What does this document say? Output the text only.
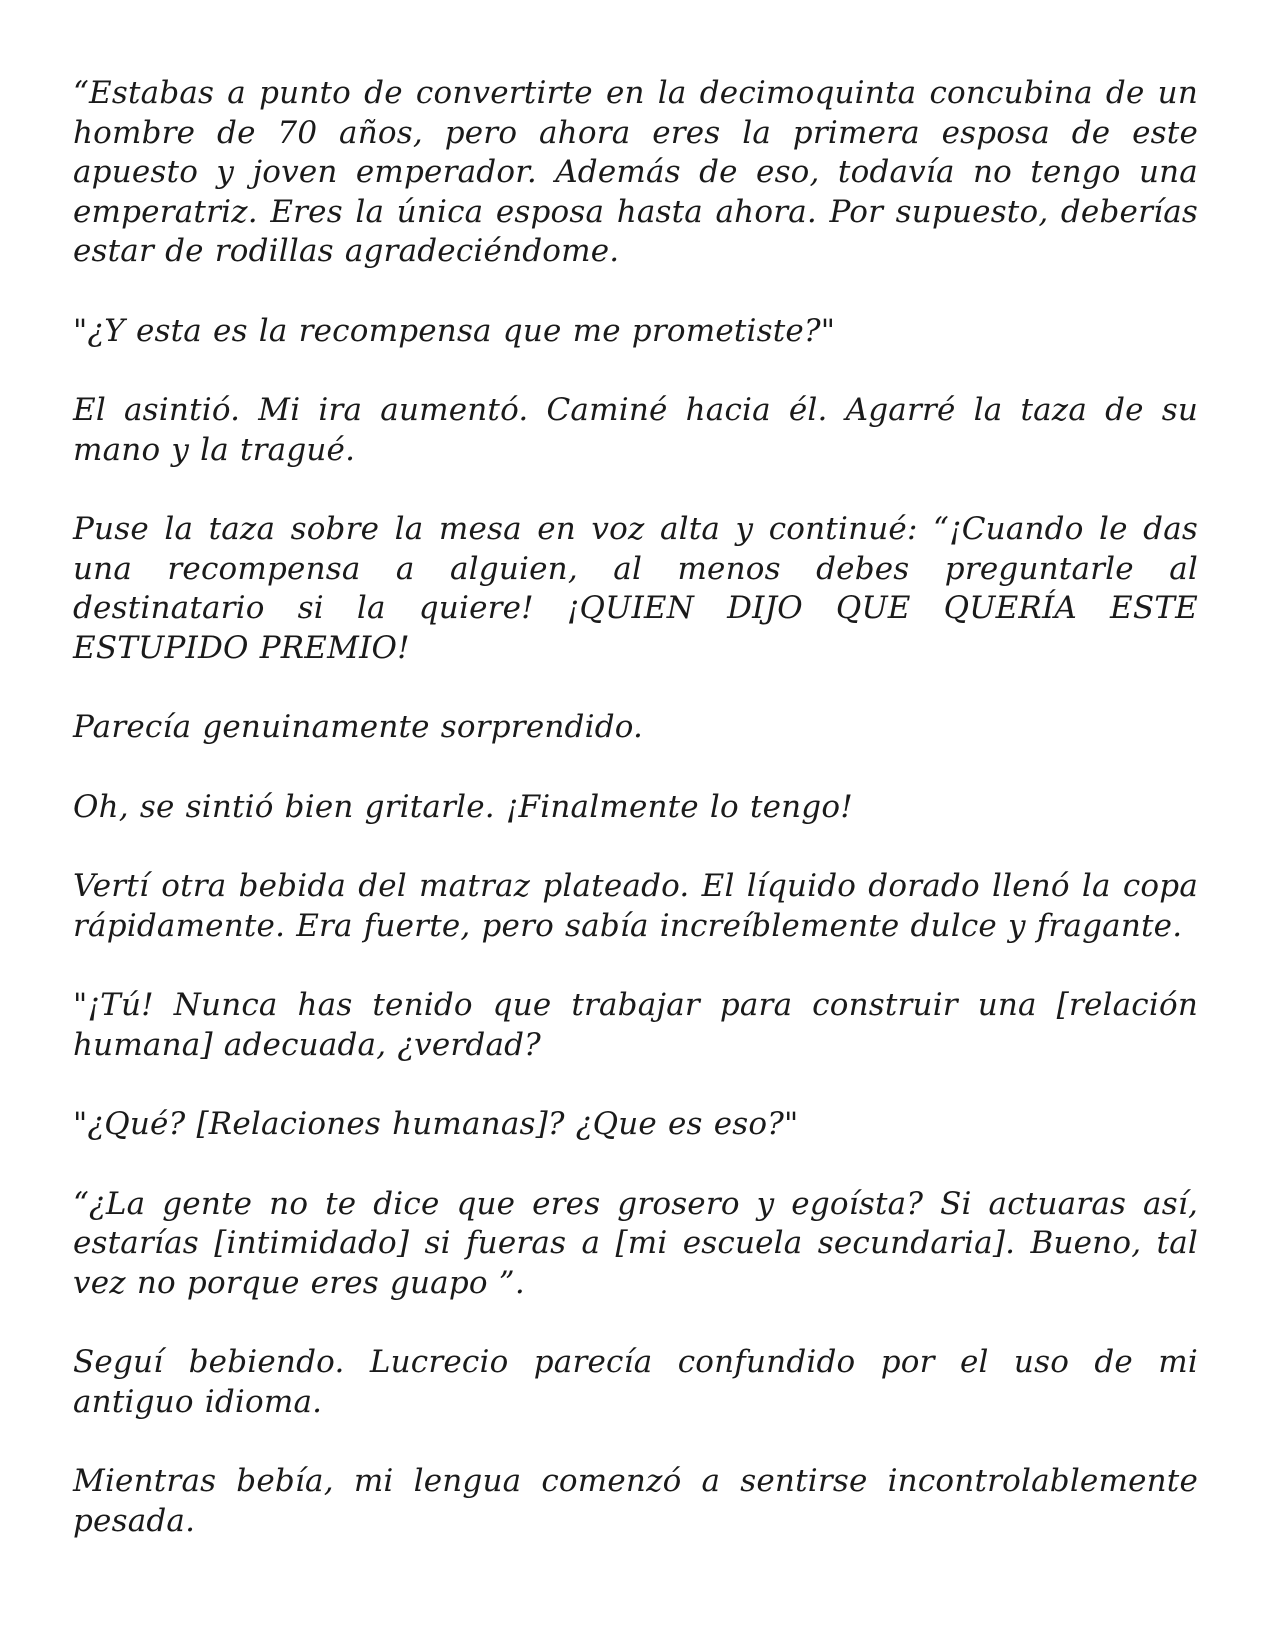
“Estabas a punto de convertirte en la decimoquinta concubina de un hombre de 70 años, pero ahora eres la primera esposa de este apuesto y joven emperador. Además de eso, todavía no tengo una emperatriz. Eres la única esposa hasta ahora. Por supuesto, deberías estar de rodillas agradeciéndome.

"¿Y esta es la recompensa que me prometiste?"

El asintió. Mi ira aumentó. Caminé hacia él. Agarré la taza de su mano y la tragué.

Puse la taza sobre la mesa en voz alta y continué: “¡Cuando le das una recompensa a alguien, al menos debes preguntarle al destinatario si la quiere! ¡QUIEN DIJO QUE QUERÍA ESTE ESTUPIDO PREMIO!

Parecía genuinamente sorprendido.

Oh, se sintió bien gritarle. ¡Finalmente lo tengo!

Vertí otra bebida del matraz plateado. El líquido dorado llenó la copa rápidamente. Era fuerte, pero sabía increíblemente dulce y fragante.

"¡Tú! Nunca has tenido que trabajar para construir una [relación humana] adecuada, ¿verdad?

"¿Qué? [Relaciones humanas]? ¿Que es eso?"

“¿La gente no te dice que eres grosero y egoísta? Si actuaras así, estarías [intimidado] si fueras a [mi escuela secundaria]. Bueno, tal vez no porque eres guapo ”.

Seguí bebiendo. Lucrecio parecía confundido por el uso de mi antiguo idioma.

Mientras bebía, mi lengua comenzó a sentirse incontrolablemente pesada.
